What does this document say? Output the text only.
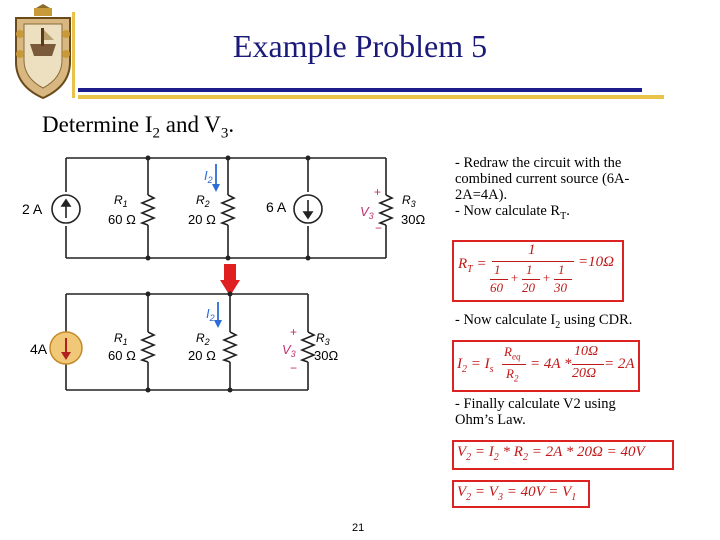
Example Problem 5
Determine $I_2$ and $V_3$.
2 A	6 A
$R_1$
60 Ω
$R_2$
20 Ω
$R_3$
30Ω
$I_2$
$V_3$
+
−
4A
$R_1$
60 Ω
$R_2$
20 Ω
$R_3$
30Ω
$I_2$
$V_3$
+
−
- Redraw the circuit with the combined current source (6A-2A=4A).
- Now calculate $R_T$.
- Now calculate $I_2$ using CDR.
- Finally calculate V2 using Ohm’s Law.
$R_T$ =
1
1
60
+
1
20
+
1
30
=10Ω
$I_2 = I_s$
$R_{eq}$
$R_2$
= 4A *
10Ω
20Ω
= 2A
$V_2 = I_2 * R_2 = 2A * 20\Omega = 40V$
$V_2 = V_3 = 40V = V_1$
21
